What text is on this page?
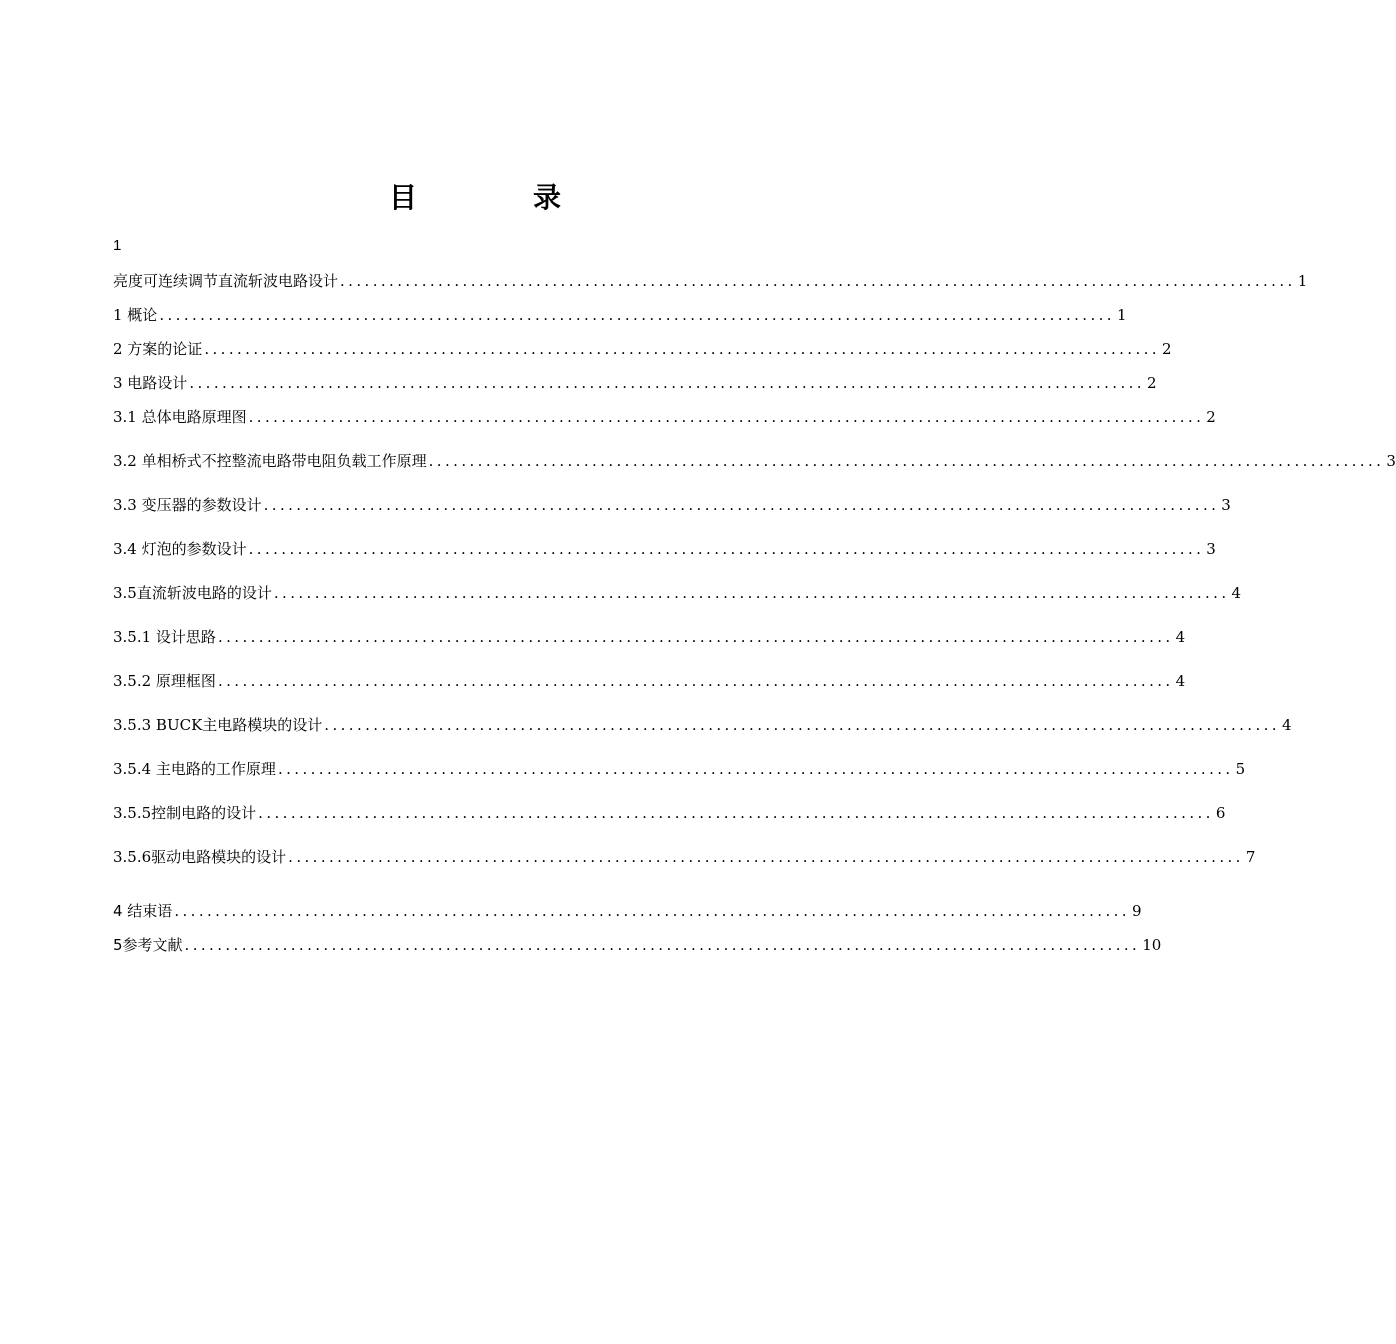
目　录
1
亮度可连续调节直流斩波电路设计 ..................................................................................................................... 1
1 概论 ..................................................................................................................... 1
2 方案的论证 ..................................................................................................................... 2
3 电路设计 ..................................................................................................................... 2
3.1 总体电路原理图 ..................................................................................................................... 2
3.2 单相桥式不控整流电路带电阻负载工作原理 ..................................................................................................................... 3
3.3 变压器的参数设计 ..................................................................................................................... 3
3.4 灯泡的参数设计 ..................................................................................................................... 3
3.5直流斩波电路的设计 ..................................................................................................................... 4
3.5.1 设计思路 ..................................................................................................................... 4
3.5.2 原理框图 ..................................................................................................................... 4
3.5.3 BUCK主电路模块的设计 ..................................................................................................................... 4
3.5.4 主电路的工作原理 ..................................................................................................................... 5
3.5.5控制电路的设计 ..................................................................................................................... 6
3.5.6驱动电路模块的设计 ..................................................................................................................... 7
4 结束语 ..................................................................................................................... 9
5参考文献 ..................................................................................................................... 10
